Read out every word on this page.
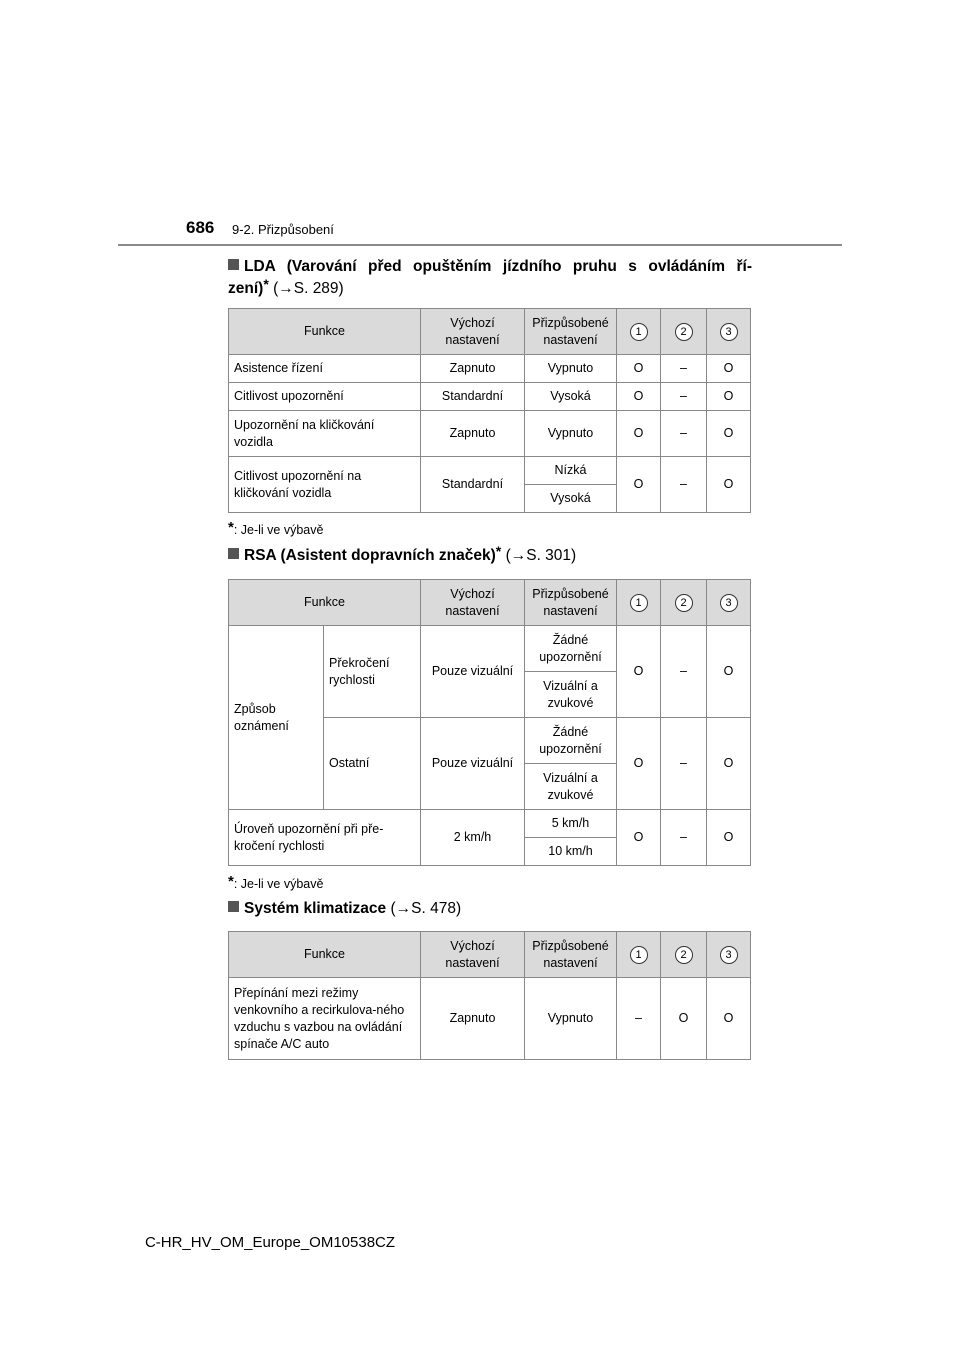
686 9-2. Přizpůsobení
LDA (Varování před opuštěním jízdního pruhu s ovládáním ří-zení)* (→S. 289)
Funkce	Výchozí nastavení	Přizpůsobené nastavení	1	2	3
Asistence řízení	Zapnuto	Vypnuto	O	–	O
Citlivost upozornění	Standardní	Vysoká	O	–	O
Upozornění na kličkování vozidla	Zapnuto	Vypnuto	O	–	O
Citlivost upozornění na kličkování vozidla	Standardní	Nízká	O	–	O
		Vysoká			
*: Je-li ve výbavě
RSA (Asistent dopravních značek)* (→S. 301)
Funkce		Výchozí nastavení	Přizpůsobené nastavení	1	2	3
Způsob oznámení	Překročení rychlosti	Pouze vizuální	Žádné upozornění	O	–	O
			Vizuální a zvukové			
	Ostatní	Pouze vizuální	Žádné upozornění	O	–	O
			Vizuální a zvukové			
Úroveň upozornění při pře-kročení rychlosti		2 km/h	5 km/h	O	–	O
			10 km/h			
*: Je-li ve výbavě
Systém klimatizace (→S. 478)
Funkce	Výchozí nastavení	Přizpůsobené nastavení	1	2	3
Přepínání mezi režimy venkovního a recirkulova-ného vzduchu s vazbou na ovládání spínače A/C auto	Zapnuto	Vypnuto	–	O	O
C-HR_HV_OM_Europe_OM10538CZ
